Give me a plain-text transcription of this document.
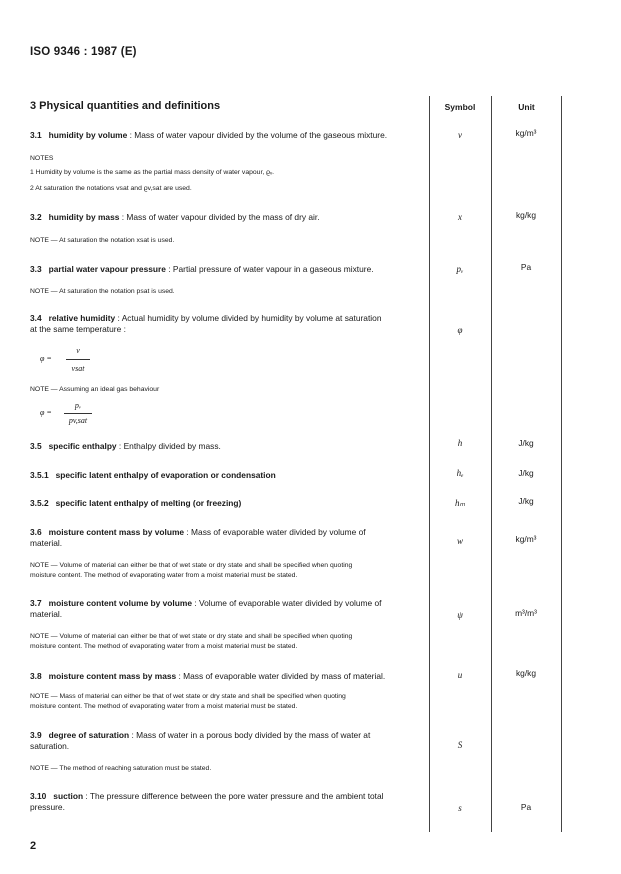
ISO 9346 : 1987 (E)
3 Physical quantities and definitions	Symbol	Unit
3.1 humidity by volume : Mass of water vapour divided by the volume of the gaseous mixture.	v	kg/m³
NOTES
1 Humidity by volume is the same as the partial mass density of water vapour, ϱᵥ.
2 At saturation the notations vsat and ϱv,sat are used.
3.2 humidity by mass : Mass of water vapour divided by the mass of dry air.	x	kg/kg
NOTE — At saturation the notation xsat is used.
3.3 partial water vapour pressure : Partial pressure of water vapour in a gaseous mixture.	pᵥ	Pa
NOTE — At saturation the notation psat is used.
3.4 relative humidity : Actual humidity by volume divided by humidity by volume at saturation
at the same temperature :	φ
φ =
v
vsat
NOTE — Assuming an ideal gas behaviour
φ =
pᵥ
pv,sat
3.5 specific enthalpy : Enthalpy divided by mass.	h	J/kg
3.5.1 specific latent enthalpy of evaporation or condensation	hₑ	J/kg
3.5.2 specific latent enthalpy of melting (or freezing)	hₘ	J/kg
3.6 moisture content mass by volume : Mass of evaporable water divided by volume of
material.	w	kg/m³
NOTE — Volume of material can either be that of wet state or dry state and shall be specified when quoting
moisture content. The method of evaporating water from a moist material must be stated.
3.7 moisture content volume by volume : Volume of evaporable water divided by volume of
material.	ψ	m³/m³
NOTE — Volume of material can either be that of wet state or dry state and shall be specified when quoting
moisture content. The method of evaporating water from a moist material must be stated.
3.8 moisture content mass by mass : Mass of evaporable water divided by mass of material.	u	kg/kg
NOTE — Mass of material can either be that of wet state or dry state and shall be specified when quoting
moisture content. The method of evaporating water from a moist material must be stated.
3.9 degree of saturation : Mass of water in a porous body divided by the mass of water at
saturation.	S
NOTE — The method of reaching saturation must be stated.
3.10 suction : The pressure difference between the pore water pressure and the ambient total
pressure.	s	Pa
2
